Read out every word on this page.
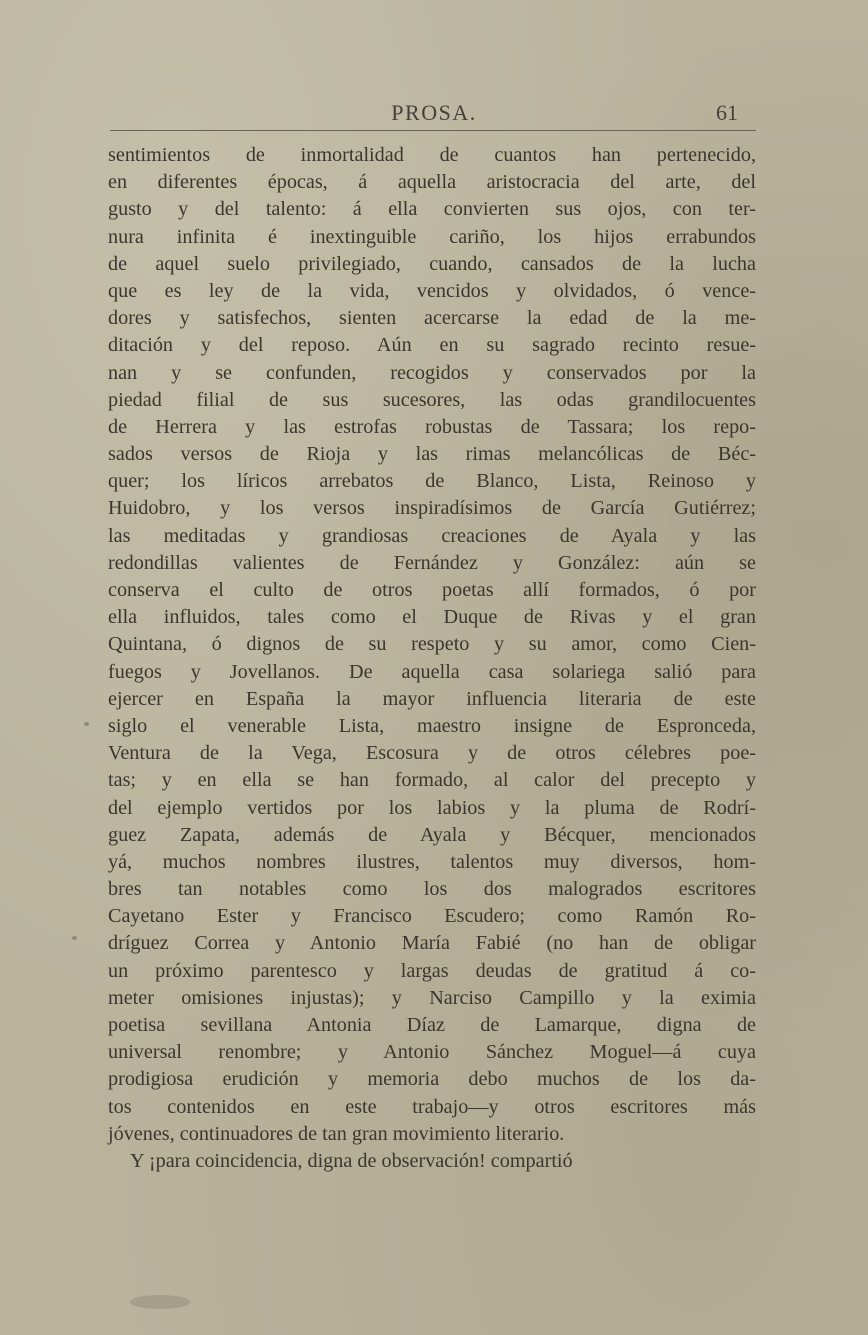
PROSA.	61
sentimientos de inmortalidad de cuantos han pertenecido,
en diferentes épocas, á aquella aristocracia del arte, del
gusto y del talento: á ella convierten sus ojos, con ter-
nura infinita é inextinguible cariño, los hijos errabundos
de aquel suelo privilegiado, cuando, cansados de la lucha
que es ley de la vida, vencidos y olvidados, ó vence-
dores y satisfechos, sienten acercarse la edad de la me-
ditación y del reposo. Aún en su sagrado recinto resue-
nan y se confunden, recogidos y conservados por la
piedad filial de sus sucesores, las odas grandilocuentes
de Herrera y las estrofas robustas de Tassara; los repo-
sados versos de Rioja y las rimas melancólicas de Béc-
quer; los líricos arrebatos de Blanco, Lista, Reinoso y
Huidobro, y los versos inspiradísimos de García Gutiérrez;
las meditadas y grandiosas creaciones de Ayala y las
redondillas valientes de Fernández y González: aún se
conserva el culto de otros poetas allí formados, ó por
ella influidos, tales como el Duque de Rivas y el gran
Quintana, ó dignos de su respeto y su amor, como Cien-
fuegos y Jovellanos. De aquella casa solariega salió para
ejercer en España la mayor influencia literaria de este
siglo el venerable Lista, maestro insigne de Espronceda,
Ventura de la Vega, Escosura y de otros célebres poe-
tas; y en ella se han formado, al calor del precepto y
del ejemplo vertidos por los labios y la pluma de Rodrí-
guez Zapata, además de Ayala y Bécquer, mencionados
yá, muchos nombres ilustres, talentos muy diversos, hom-
bres tan notables como los dos malogrados escritores
Cayetano Ester y Francisco Escudero; como Ramón Ro-
dríguez Correa y Antonio María Fabié (no han de obligar
un próximo parentesco y largas deudas de gratitud á co-
meter omisiones injustas); y Narciso Campillo y la eximia
poetisa sevillana Antonia Díaz de Lamarque, digna de
universal renombre; y Antonio Sánchez Moguel—á cuya
prodigiosa erudición y memoria debo muchos de los da-
tos contenidos en este trabajo—y otros escritores más
jóvenes, continuadores de tan gran movimiento literario.
Y ¡para coincidencia, digna de observación! compartió
